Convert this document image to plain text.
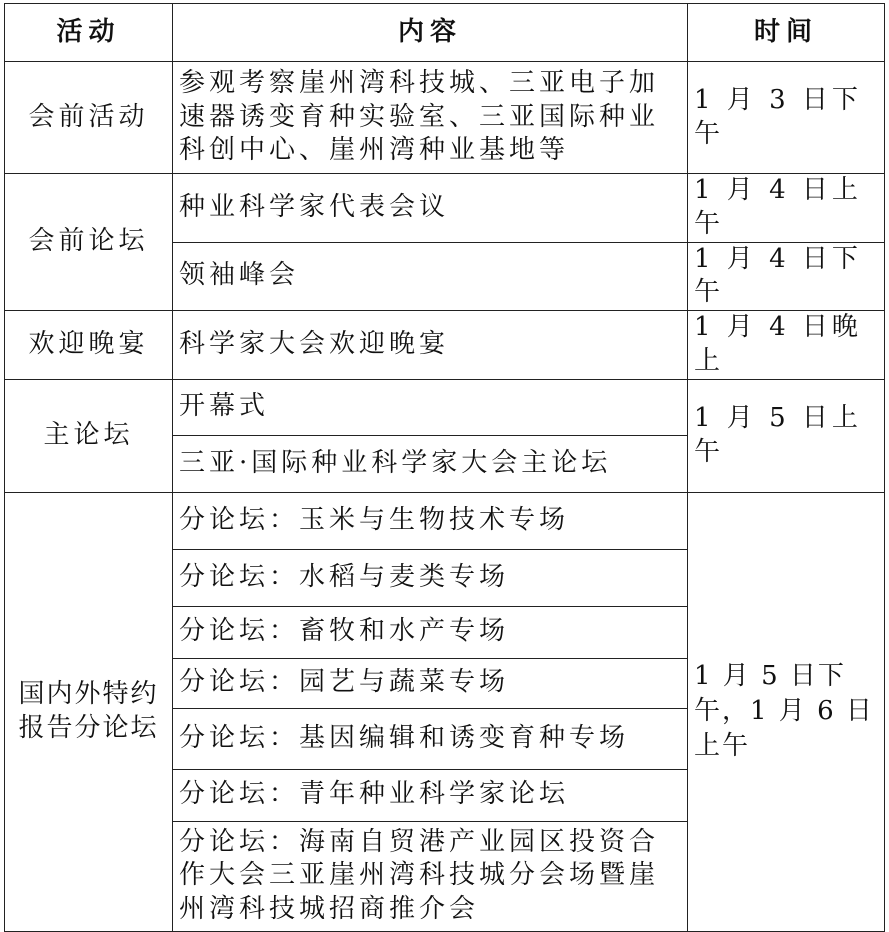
活动	内容	时间
会前活动	参观考察崖州湾科技城、三亚电子加速器诱变育种实验室、三亚国际种业科创中心、崖州湾种业基地等	1 月 3 日下午
会前论坛	种业科学家代表会议	1 月 4 日上午
	领袖峰会	1 月 4 日下午
欢迎晚宴	科学家大会欢迎晚宴	1 月 4 日晚上
主论坛	开幕式	1 月 5 日上午
	三亚·国际种业科学家大会主论坛	
国内外特约报告分论坛	分论坛：玉米与生物技术专场	1 月 5 日下午，1 月 6 日上午
	分论坛：水稻与麦类专场	
	分论坛：畜牧和水产专场	
	分论坛：园艺与蔬菜专场	
	分论坛：基因编辑和诱变育种专场	
	分论坛：青年种业科学家论坛	
	分论坛：海南自贸港产业园区投资合作大会三亚崖州湾科技城分会场暨崖州湾科技城招商推介会	
